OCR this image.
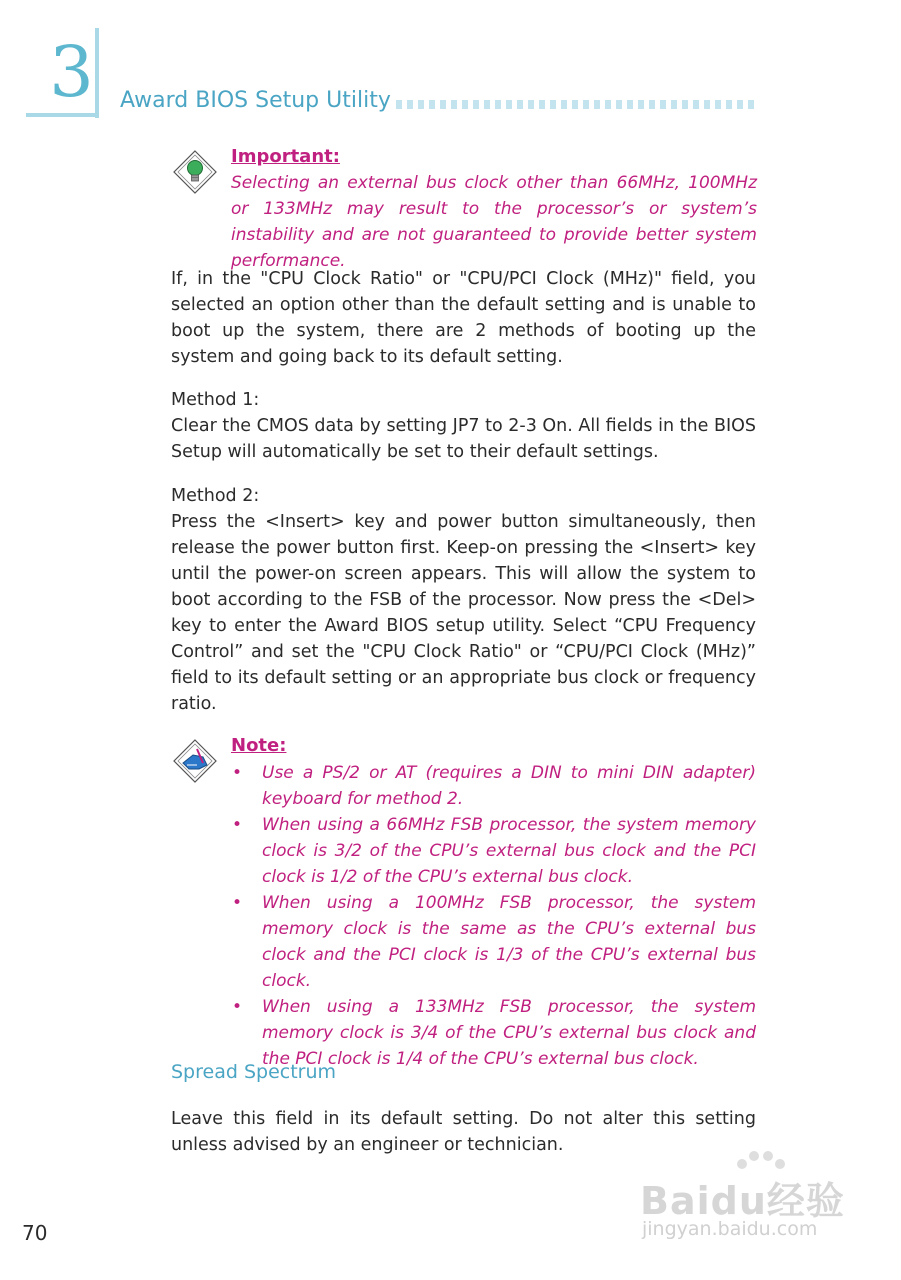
3 Award BIOS Setup Utility
Important:
Selecting an external bus clock other than 66MHz, 100MHz or 133MHz may result to the processor’s or system’s instability and are not guaranteed to provide better system performance.
If, in the "CPU Clock Ratio" or "CPU/PCI Clock (MHz)" field, you selected an option other than the default setting and is unable to boot up the system, there are 2 methods of booting up the system and going back to its default setting.
Method 1:
Clear the CMOS data by setting JP7 to 2-3 On. All fields in the BIOS Setup will automatically be set to their default settings.
Method 2:
Press the <Insert> key and power button simultaneously, then release the power button first. Keep-on pressing the <Insert> key until the power-on screen appears. This will allow the system to boot according to the FSB of the processor. Now press the <Del> key to enter the Award BIOS setup utility. Select “CPU Frequency Control” and set the "CPU Clock Ratio" or “CPU/PCI Clock (MHz)” field to its default setting or an appropriate bus clock or frequency ratio.
Note:
• Use a PS/2 or AT (requires a DIN to mini DIN adapter) keyboard for method 2.
• When using a 66MHz FSB processor, the system memory clock is 3/2 of the CPU’s external bus clock and the PCI clock is 1/2 of the CPU’s external bus clock.
• When using a 100MHz FSB processor, the system memory clock is the same as the CPU’s external bus clock and the PCI clock is 1/3 of the CPU’s external bus clock.
• When using a 133MHz FSB processor, the system memory clock is 3/4 of the CPU’s external bus clock and the PCI clock is 1/4 of the CPU’s external bus clock.
Spread Spectrum
Leave this field in its default setting. Do not alter this setting unless advised by an engineer or technician.
70
Baidu经验
jingyan.baidu.com
